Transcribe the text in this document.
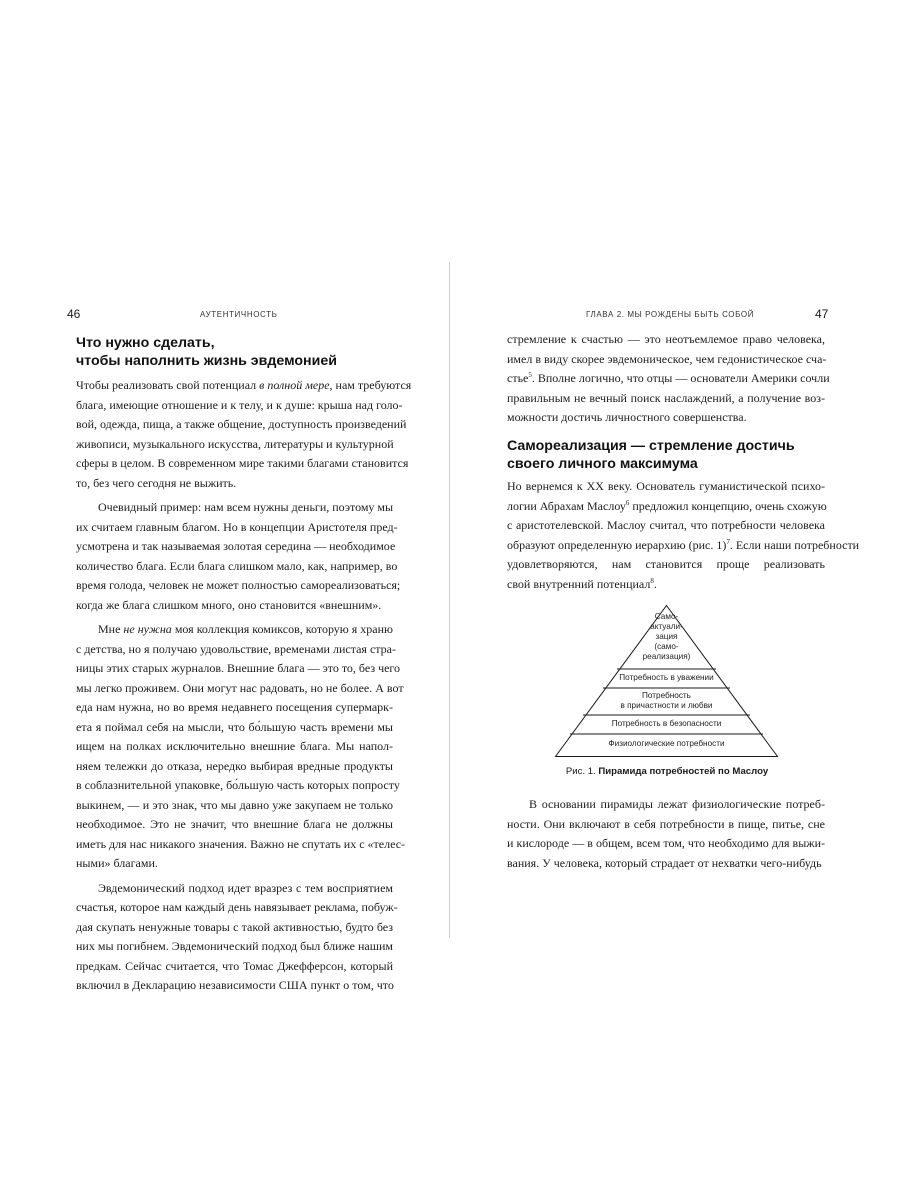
46	АУТЕНТИЧНОСТЬ
Что нужно сделать,
чтобы наполнить жизнь эвдемонией
Чтобы реализовать свой потенциал в полной мере, нам требуются
блага, имеющие отношение и к телу, и к душе: крыша над голо-
вой, одежда, пища, а также общение, доступность произведений
живописи, музыкального искусства, литературы и культурной
сферы в целом. В современном мире такими благами становится
то, без чего сегодня не выжить.
Очевидный пример: нам всем нужны деньги, поэтому мы
их считаем главным благом. Но в концепции Аристотеля пред-
усмотрена и так называемая золотая середина — необходимое
количество блага. Если блага слишком мало, как, например, во
время голода, человек не может полностью самореализоваться;
когда же блага слишком много, оно становится «внешним».
Мне не нужна моя коллекция комиксов, которую я храню
с детства, но я получаю удовольствие, временами листая стра-
ницы этих старых журналов. Внешние блага — это то, без чего
мы легко проживем. Они могут нас радовать, но не более. А вот
еда нам нужна, но во время недавнего посещения супермарк-
ета я поймал себя на мысли, что бо́льшую часть времени мы
ищем на полках исключительно внешние блага. Мы напол-
няем тележки до отказа, нередко выбирая вредные продукты
в соблазнительной упаковке, бо́льшую часть которых попросту
выкинем, — и это знак, что мы давно уже закупаем не только
необходимое. Это не значит, что внешние блага не должны
иметь для нас никакого значения. Важно не спутать их с «телес-
ными» благами.
Эвдемонический подход идет вразрез с тем восприятием
счастья, которое нам каждый день навязывает реклама, побуж-
дая скупать ненужные товары с такой активностью, будто без
них мы погибнем. Эвдемонический подход был ближе нашим
предкам. Сейчас считается, что Томас Джефферсон, который
включил в Декларацию независимости США пункт о том, что
ГЛАВА 2. МЫ РОЖДЕНЫ БЫТЬ СОБОЙ	47
стремление к счастью — это неотъемлемое право человека,
имел в виду скорее эвдемоническое, чем гедонистическое сча-
стье$^5$. Вполне логично, что отцы — основатели Америки сочли
правильным не вечный поиск наслаждений, а получение воз-
можности достичь личностного совершенства.
Самореализация — стремление достичь
своего личного максимума
Но вернемся к XX веку. Основатель гуманистической психо-
логии Абрахам Маслоу$^6$ предложил концепцию, очень схожую
с аристотелевской. Маслоу считал, что потребности человека
образуют определенную иерархию (рис. 1)$^7$. Если наши потребности
удовлетворяются, нам становится проще реализовать
свой внутренний потенциал$^8$.
Само-
актуали-
зация
(само-
реализация)
Потребность в уважении
Потребность
в причастности и любви
Потребность в безопасности
Физиологические потребности
Рис. 1. Пирамида потребностей по Маслоу
В основании пирамиды лежат физиологические потреб-
ности. Они включают в себя потребности в пище, питье, сне
и кислороде — в общем, всем том, что необходимо для выжи-
вания. У человека, который страдает от нехватки чего-нибудь
